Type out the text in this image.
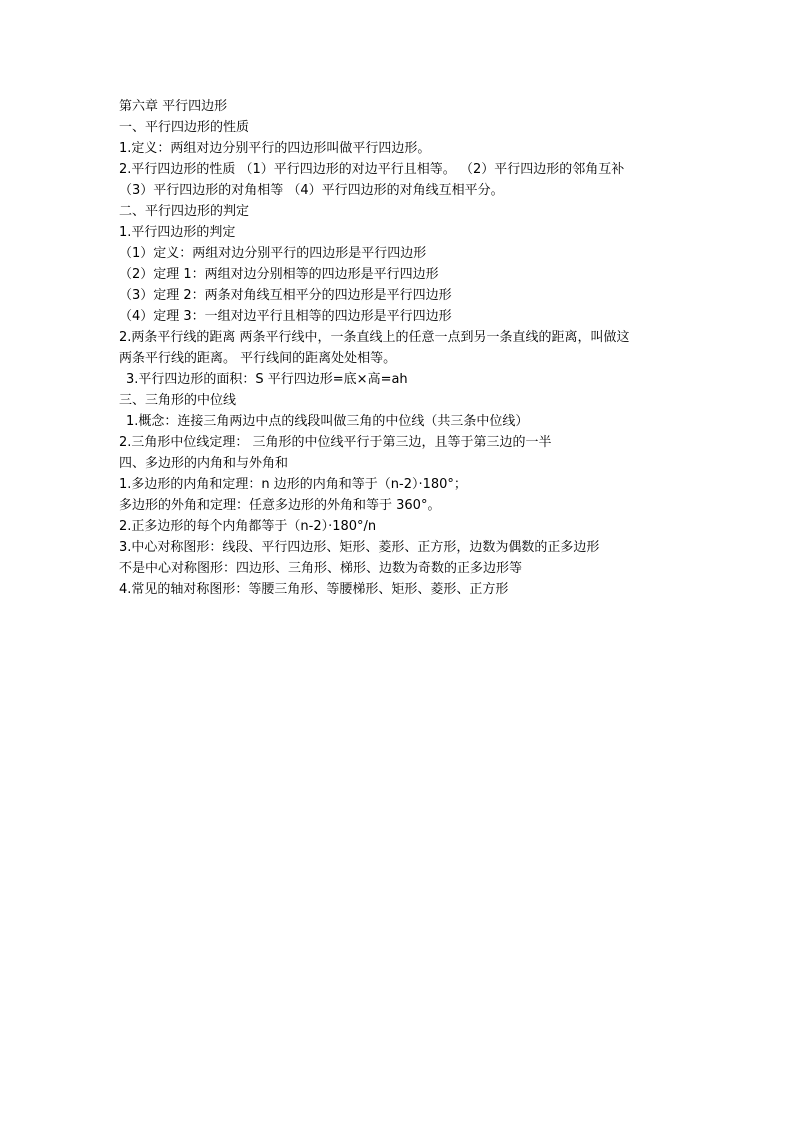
第六章 平行四边形
一、平行四边形的性质
1.定义：两组对边分别平行的四边形叫做平行四边形。
2.平行四边形的性质 （1）平行四边形的对边平行且相等。 （2）平行四边形的邻角互补
（3）平行四边形的对角相等 （4）平行四边形的对角线互相平分。
二、平行四边形的判定
1.平行四边形的判定
（1）定义：两组对边分别平行的四边形是平行四边形
（2）定理 1：两组对边分别相等的四边形是平行四边形
（3）定理 2：两条对角线互相平分的四边形是平行四边形
（4）定理 3：一组对边平行且相等的四边形是平行四边形
2.两条平行线的距离 两条平行线中，一条直线上的任意一点到另一条直线的距离，叫做这
两条平行线的距离。 平行线间的距离处处相等。
3.平行四边形的面积：S 平行四边形=底×高=ah
三、三角形的中位线
1.概念：连接三角两边中点的线段叫做三角的中位线（共三条中位线）
2.三角形中位线定理： 三角形的中位线平行于第三边，且等于第三边的一半
四、多边形的内角和与外角和
1.多边形的内角和定理：n 边形的内角和等于（n-2）·180°；
多边形的外角和定理：任意多边形的外角和等于 360°。
2.正多边形的每个内角都等于（n-2）·180°/n
3.中心对称图形：线段、平行四边形、矩形、菱形、正方形，边数为偶数的正多边形
不是中心对称图形：四边形、三角形、梯形、边数为奇数的正多边形等
4.常见的轴对称图形：等腰三角形、等腰梯形、矩形、菱形、正方形
